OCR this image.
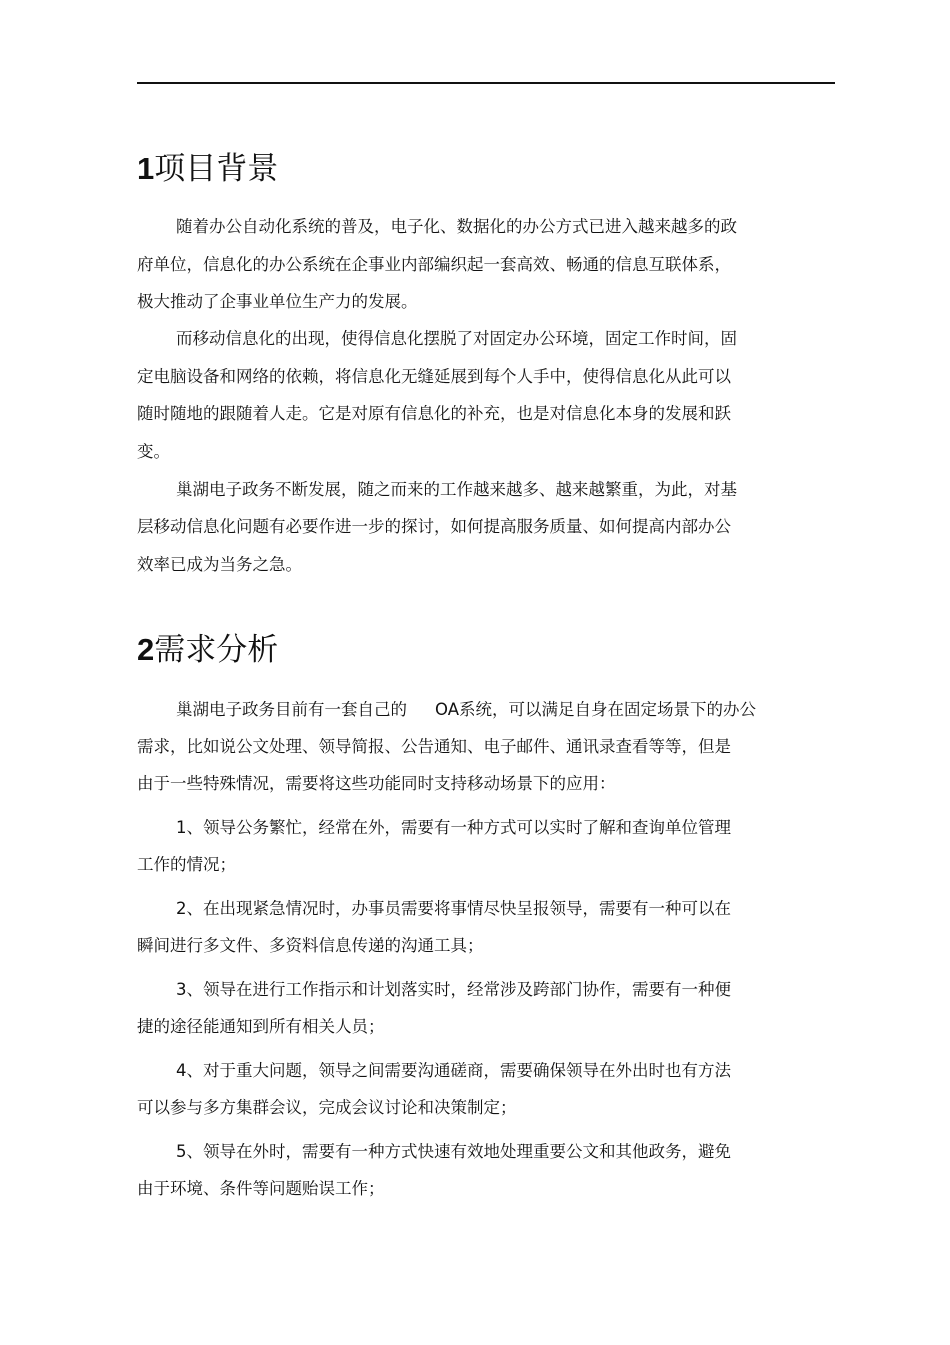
1项目背景

随着办公自动化系统的普及，电子化、数据化的办公方式已进入越来越多的政

府单位，信息化的办公系统在企事业内部编织起一套高效、畅通的信息互联体系，

极大推动了企事业单位生产力的发展。

而移动信息化的出现，使得信息化摆脱了对固定办公环境，固定工作时间，固

定电脑设备和网络的依赖，将信息化无缝延展到每个人手中，使得信息化从此可以

随时随地的跟随着人走。它是对原有信息化的补充，也是对信息化本身的发展和跃

变。

巢湖电子政务不断发展，随之而来的工作越来越多、越来越繁重，为此，对基

层移动信息化问题有必要作进一步的探讨，如何提高服务质量、如何提高内部办公

效率已成为当务之急。

2需求分析

巢湖电子政务目前有一套自己的 OA系统，可以满足自身在固定场景下的办公

需求，比如说公文处理、领导简报、公告通知、电子邮件、通讯录查看等等，但是

由于一些特殊情况，需要将这些功能同时支持移动场景下的应用：

1、领导公务繁忙，经常在外，需要有一种方式可以实时了解和查询单位管理

工作的情况；

2、在出现紧急情况时，办事员需要将事情尽快呈报领导，需要有一种可以在

瞬间进行多文件、多资料信息传递的沟通工具；

3、领导在进行工作指示和计划落实时，经常涉及跨部门协作，需要有一种便

捷的途径能通知到所有相关人员；

4、对于重大问题，领导之间需要沟通磋商，需要确保领导在外出时也有方法

可以参与多方集群会议，完成会议讨论和决策制定；

5、领导在外时，需要有一种方式快速有效地处理重要公文和其他政务，避免

由于环境、条件等问题贻误工作；
